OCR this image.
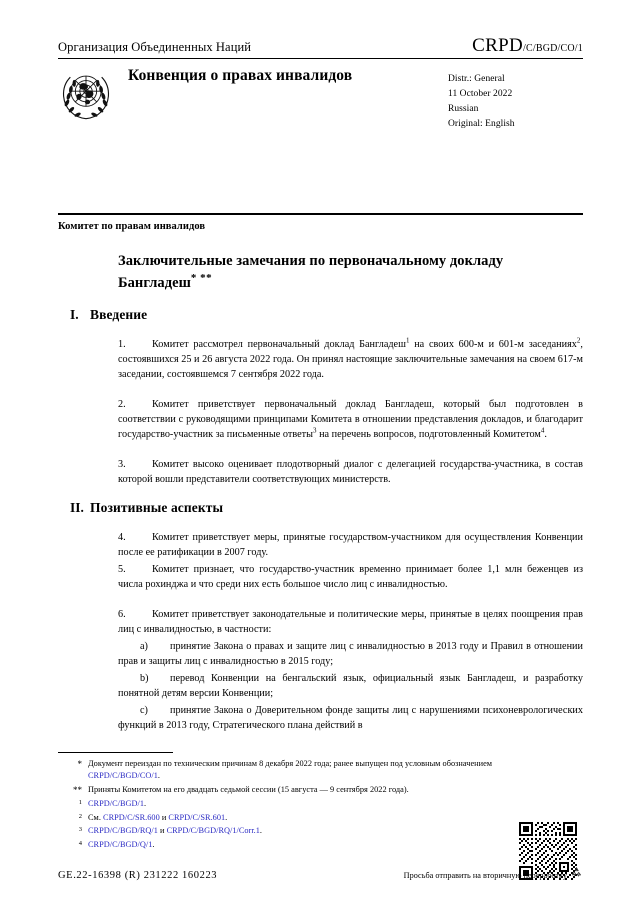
Организация Объединенных Наций	CRPD/C/BGD/CO/1
Конвенция о правах инвалидов	Distr.: General
11 October 2022
Russian
Original: English
Комитет по правам инвалидов
Заключительные замечания по первоначальному докладу Бангладеш* **
I. Введение
1.	Комитет рассмотрел первоначальный доклад Бангладеш$^1$ на своих 600-м и 601-м заседаниях$^2$, состоявшихся 25 и 26 августа 2022 года. Он принял настоящие заключительные замечания на своем 617-м заседании, состоявшемся 7 сентября 2022 года.
2.	Комитет приветствует первоначальный доклад Бангладеш, который был подготовлен в соответствии с руководящими принципами Комитета в отношении представления докладов, и благодарит государство-участник за письменные ответы$^3$ на перечень вопросов, подготовленный Комитетом$^4$.
3.	Комитет высоко оценивает плодотворный диалог с делегацией государства-участника, в состав которой вошли представители соответствующих министерств.
II. Позитивные аспекты
4.	Комитет приветствует меры, принятые государством-участником для осуществления Конвенции после ее ратификации в 2007 году.
5.	Комитет признает, что государство-участник временно принимает более 1,1 млн беженцев из числа рохинджа и что среди них есть большое число лиц с инвалидностью.
6.	Комитет приветствует законодательные и политические меры, принятые в целях поощрения прав лиц с инвалидностью, в частности:
a) принятие Закона о правах и защите лиц с инвалидностью в 2013 году и Правил в отношении прав и защиты лиц с инвалидностью в 2015 году;
b) перевод Конвенции на бенгальский язык, официальный язык Бангладеш, и разработку понятной детям версии Конвенции;
c) принятие Закона о Доверительном фонде защиты лиц с нарушениями психоневрологических функций в 2013 году, Стратегического плана действий в
* Документ переиздан по техническим причинам 8 декабря 2022 года; ранее выпущен под условным обозначением CRPD/C/BGD/CO/1.
** Приняты Комитетом на его двадцать седьмой сессии (15 августа — 9 сентября 2022 года).
1 CRPD/C/BGD/1.
2 См. CRPD/C/SR.600 и CRPD/C/SR.601.
3 CRPD/C/BGD/RQ/1 и CRPD/C/BGD/RQ/1/Corr.1.
4 CRPD/C/BGD/Q/1.
GE.22-16398 (R) 231222 160223	Просьба отправить на вторичную переработку
